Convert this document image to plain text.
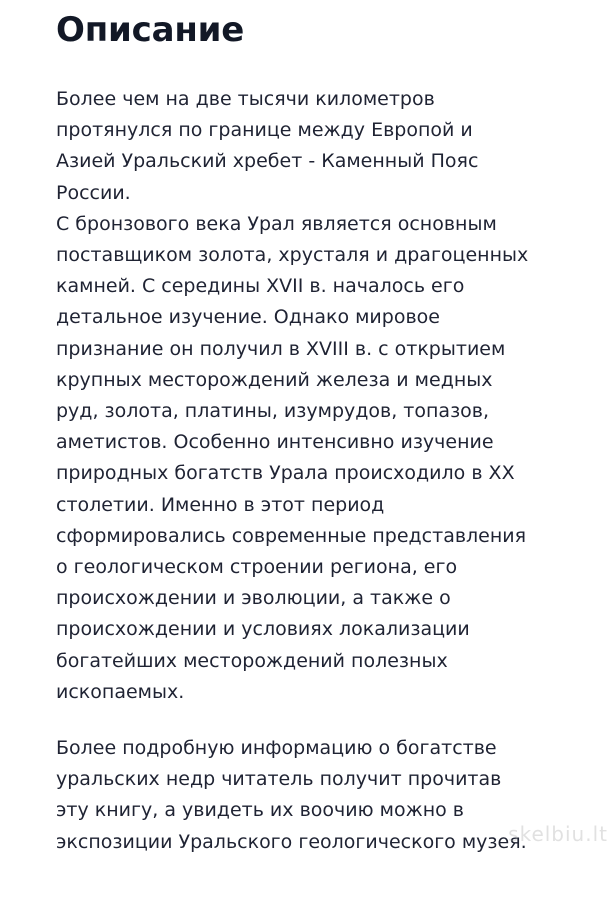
Описание

Более чем на две тысячи километров
протянулся по границе между Европой и
Азией Уральский хребет - Каменный Пояс
России.
С бронзового века Урал является основным
поставщиком золота, хрусталя и драгоценных
камней. С середины XVII в. началось его
детальное изучение. Однако мировое
признание он получил в XVIII в. с открытием
крупных месторождений железа и медных
руд, золота, платины, изумрудов, топазов,
аметистов. Особенно интенсивно изучение
природных богатств Урала происходило в XX
столетии. Именно в этот период
сформировались современные представления
о геологическом строении региона, его
происхождении и эволюции, а также о
происхождении и условиях локализации
богатейших месторождений полезных
ископаемых.

Более подробную информацию о богатстве
уральских недр читатель получит прочитав
эту книгу, а увидеть их воочию можно в
экспозиции Уральского геологического музея.

skelbiu.lt
